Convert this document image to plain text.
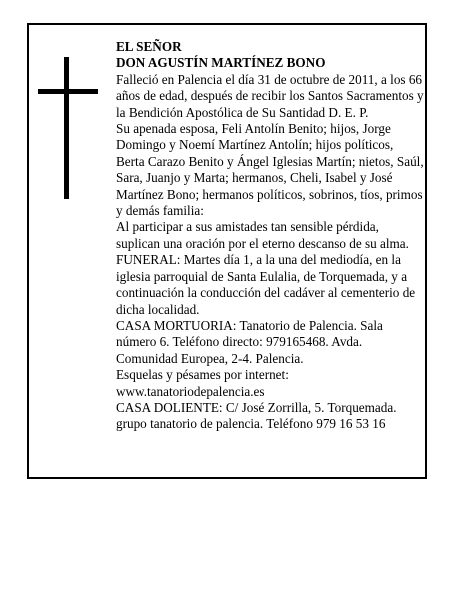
EL SEÑOR

DON AGUSTÍN MARTÍNEZ BONO

Falleció en Palencia el día 31 de octubre de 2011, a los 66 años de edad, después de recibir los Santos Sacramentos y la Bendición Apostólica de Su Santidad D. E. P.

Su apenada esposa, Feli Antolín Benito; hijos, Jorge Domingo y Noemí Martínez Antolín; hijos políticos, Berta Carazo Benito y Ángel Iglesias Martín; nietos, Saúl, Sara, Juanjo y Marta; hermanos, Cheli, Isabel y José Martínez Bono; hermanos políticos, sobrinos, tíos, primos y demás familia:

Al participar a sus amistades tan sensible pérdida, suplican una oración por el eterno descanso de su alma.

FUNERAL: Martes día 1, a la una del mediodía, en la iglesia parroquial de Santa Eulalia, de Torquemada, y a continuación la conducción del cadáver al cementerio de dicha localidad.

CASA MORTUORIA: Tanatorio de Palencia. Sala número 6. Teléfono directo: 979165468. Avda. Comunidad Europea, 2-4. Palencia.

Esquelas y pésames por internet:

www.tanatoriodepalencia.es

CASA DOLIENTE: C/ José Zorrilla, 5. Torquemada.

grupo tanatorio de palencia. Teléfono 979 16 53 16
